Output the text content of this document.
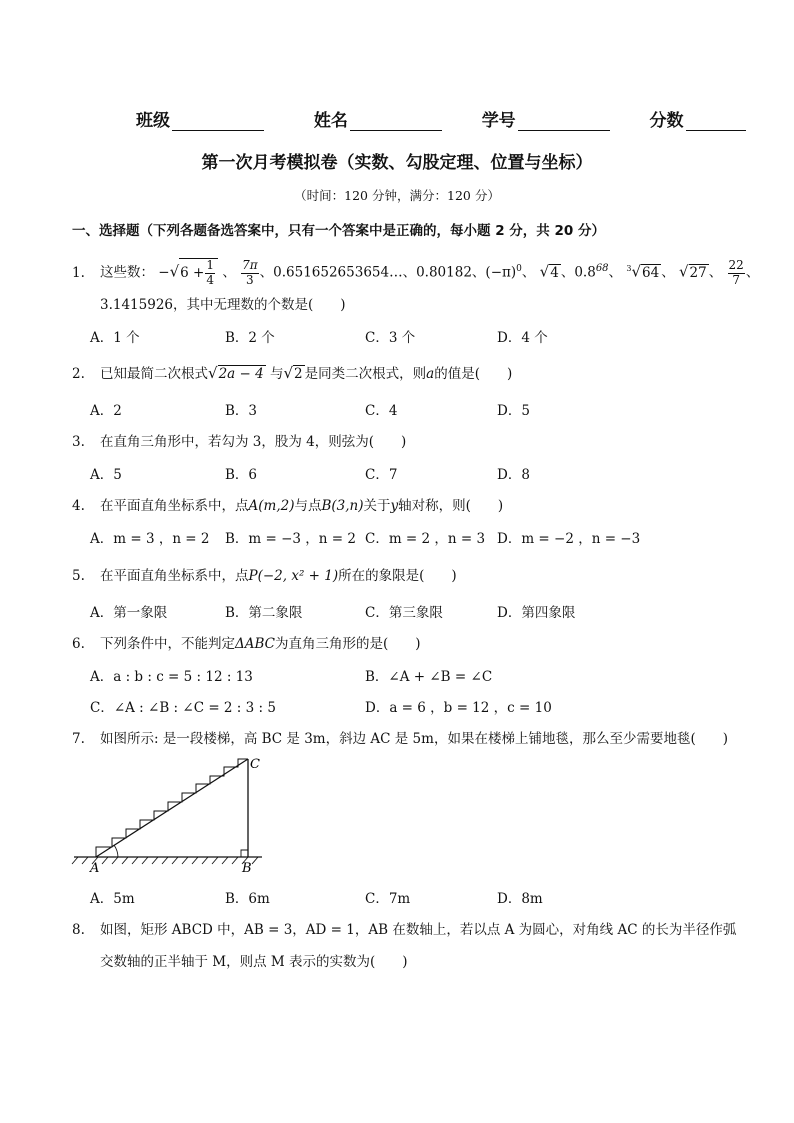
班级	姓名	学号	分数
第一次月考模拟卷（实数、勾股定理、位置与坐标）
（时间：120 分钟，满分：120 分）
一、选择题（下列各题备选答案中，只有一个答案中是正确的，每小题 2 分，共 20 分）
1. 这些数： $-√6 + \frac{1}{4}$ 、 $\frac{7\pi}{3}$ 、0.651652653654…、0.80182、$(-\pi)^0$、 √4 、$0.8^{68}$、 $^3$√64 、 √27 、 $\frac{22}{7}$ 、
3.1415926，其中无理数的个数是(　　)
A．1 个	B．2 个	C．3 个	D．4 个
2. 已知最简二次根式√2a − 4 与√2 是同类二次根式，则a的值是(　　)
A．2	B．3	C．4	D．5
3. 在直角三角形中，若勾为 3，股为 4，则弦为(　　)
A．5	B．6	C．7	D．8
4. 在平面直角坐标系中，点A(m,2)与点B(3,n)关于y轴对称，则(　　)
A．m = 3 ，n = 2 B．m = −3 ，n = 2 C．m = 2 ，n = 3 D．m = −2 ，n = −3
5. 在平面直角坐标系中，点P(−2, x² + 1)所在的象限是(　　)
A．第一象限	B．第二象限	C．第三象限	D．第四象限
6. 下列条件中，不能判定ΔABC为直角三角形的是(　　)
A．a : b : c = 5 : 12 : 13	B．∠A + ∠B = ∠C
C．∠A : ∠B : ∠C = 2 : 3 : 5	D．a = 6 ，b = 12 ，c = 10
7. 如图所示: 是一段楼梯，高 BC 是 3m，斜边 AC 是 5m，如果在楼梯上铺地毯，那么至少需要地毯(　　)
A	B
C
A．5m	B．6m	C．7m	D．8m
8. 如图，矩形 ABCD 中，AB = 3，AD = 1，AB 在数轴上，若以点 A 为圆心，对角线 AC 的长为半径作弧
交数轴的正半轴于 M，则点 M 表示的实数为(　　)
